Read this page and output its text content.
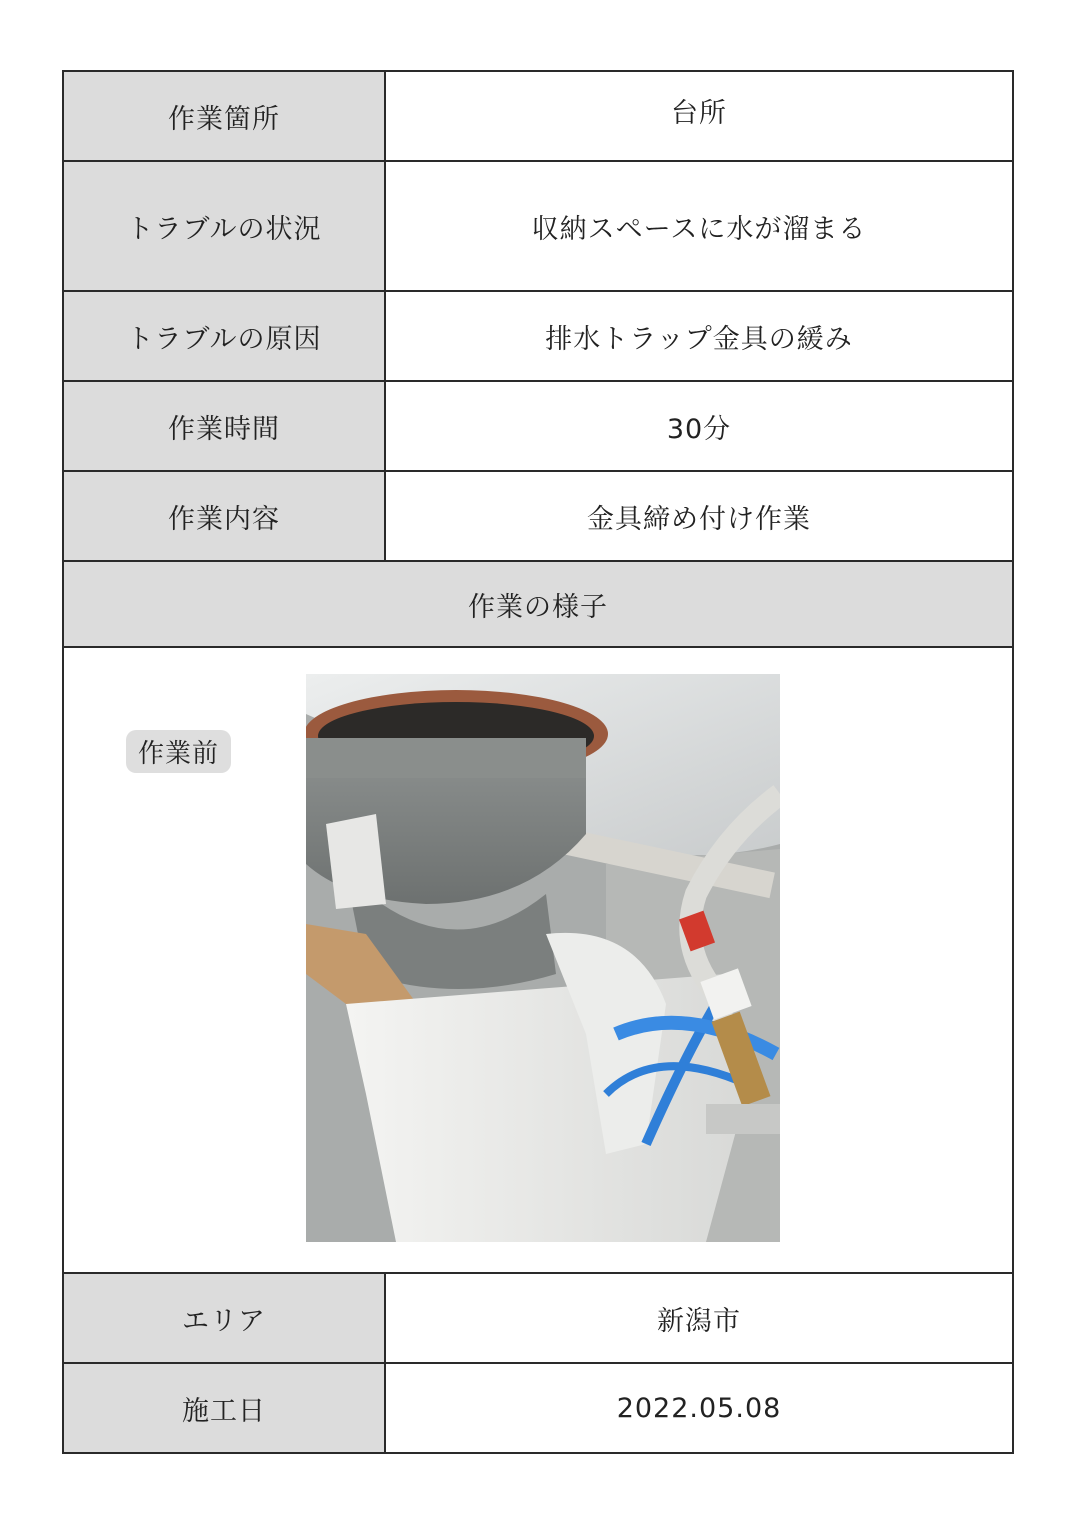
作業箇所	台所
トラブルの状況	収納スペースに水が溜まる
トラブルの原因	排水トラップ金具の緩み
作業時間	30分
作業内容	金具締め付け作業
作業の様子
作業前
エリア	新潟市
施工日	2022.05.08
